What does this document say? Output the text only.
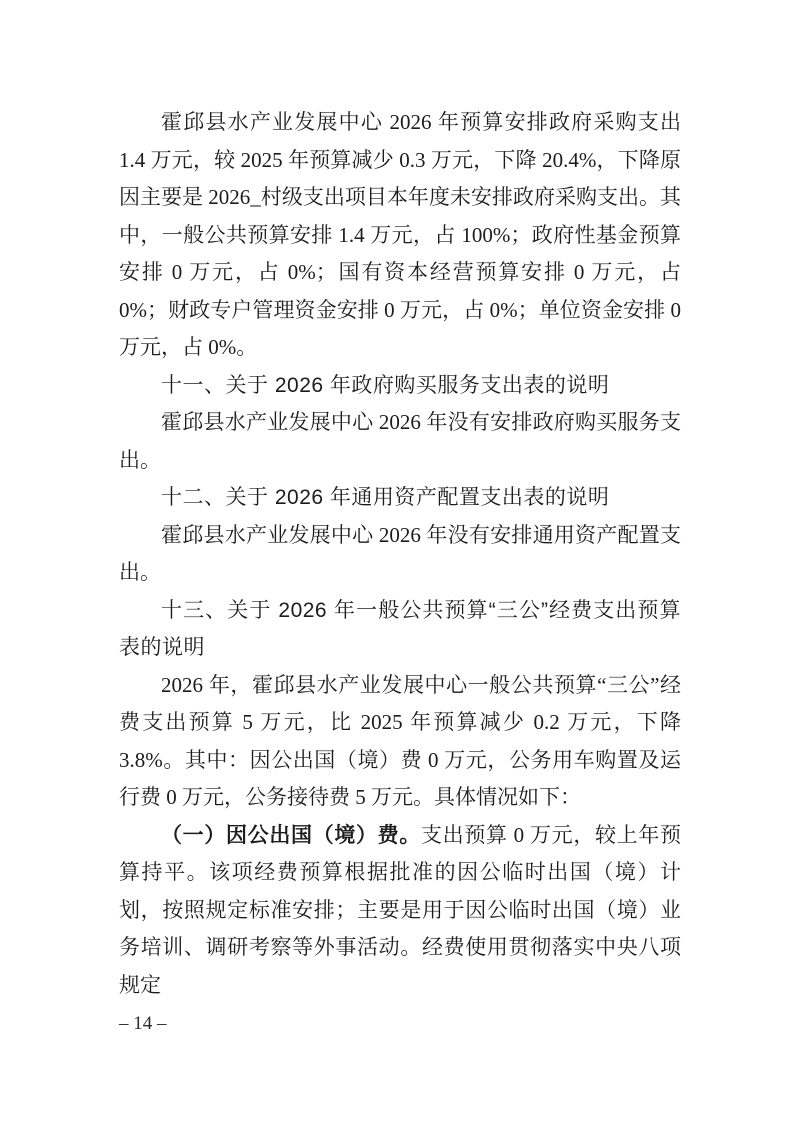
霍邱县水产业发展中心 2026 年预算安排政府采购支出 1.4 万元，较 2025 年预算减少 0.3 万元，下降 20.4%，下降原因主要是 2026_村级支出项目本年度未安排政府采购支出。其中，一般公共预算安排 1.4 万元，占 100%；政府性基金预算安排 0 万元，占 0%；国有资本经营预算安排 0 万元，占 0%；财政专户管理资金安排 0 万元，占 0%；单位资金安排 0 万元，占 0%。

十一、关于 2026 年政府购买服务支出表的说明

霍邱县水产业发展中心 2026 年没有安排政府购买服务支出。

十二、关于 2026 年通用资产配置支出表的说明

霍邱县水产业发展中心 2026 年没有安排通用资产配置支出。

十三、关于 2026 年一般公共预算“三公”经费支出预算表的说明

2026 年，霍邱县水产业发展中心一般公共预算“三公”经费支出预算 5 万元，比 2025 年预算减少 0.2 万元，下降 3.8%。其中：因公出国（境）费 0 万元，公务用车购置及运行费 0 万元，公务接待费 5 万元。具体情况如下：

（一）因公出国（境）费。支出预算 0 万元，较上年预算持平。该项经费预算根据批准的因公临时出国（境）计划，按照规定标准安排；主要是用于因公临时出国（境）业务培训、调研考察等外事活动。经费使用贯彻落实中央八项规定

– 14 –
